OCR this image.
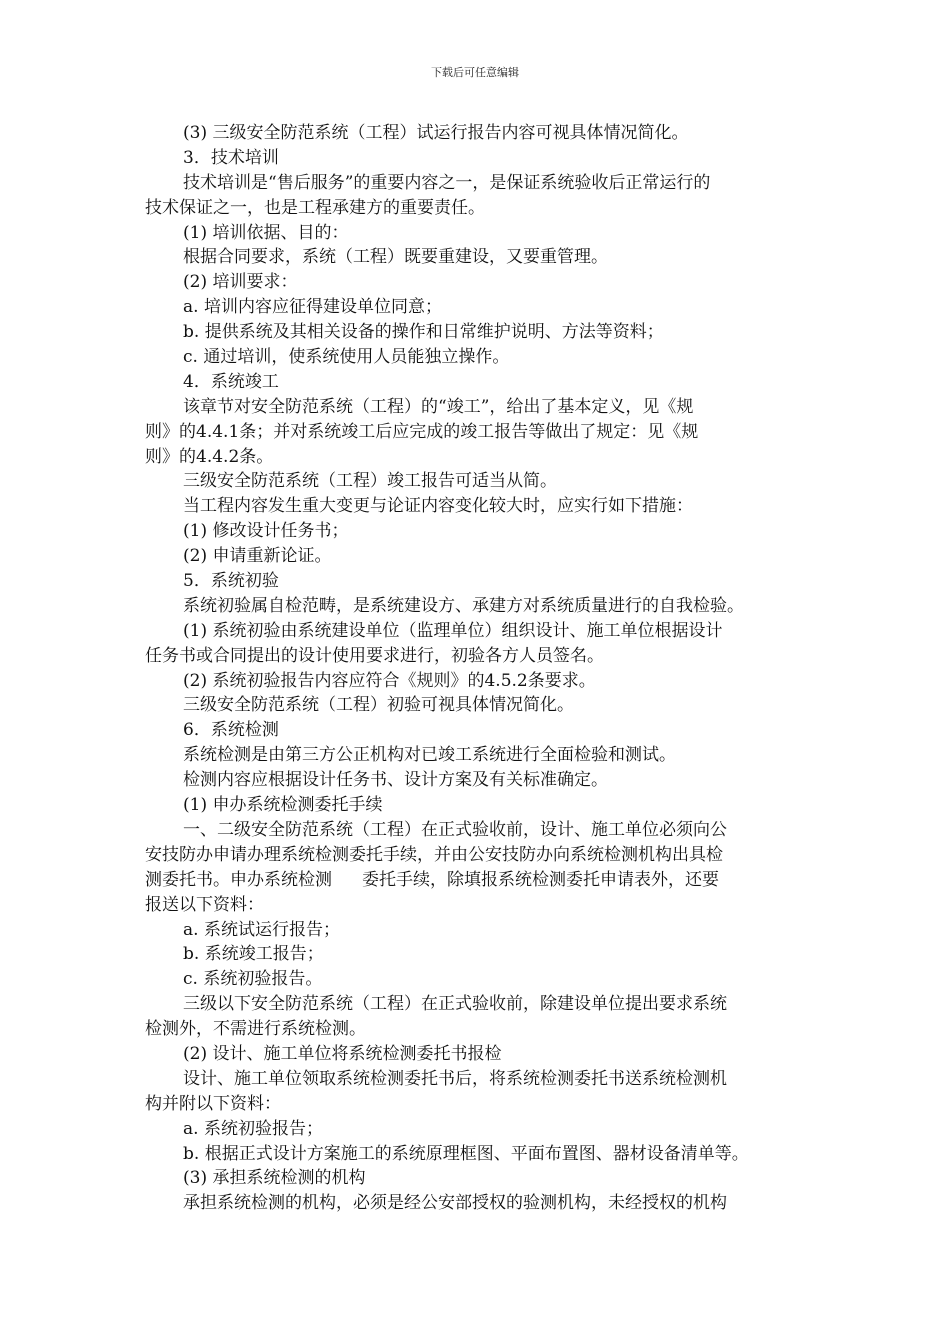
下载后可任意编辑
(3) 三级安全防范系统（工程）试运行报告内容可视具体情况简化。
3．技术培训
技术培训是“售后服务”的重要内容之一，是保证系统验收后正常运行的
技术保证之一，也是工程承建方的重要责任。
(1) 培训依据、目的：
根据合同要求，系统（工程）既要重建设，又要重管理。
(2) 培训要求：
a. 培训内容应征得建设单位同意；
b. 提供系统及其相关设备的操作和日常维护说明、方法等资料；
c. 通过培训，使系统使用人员能独立操作。
4．系统竣工
该章节对安全防范系统（工程）的“竣工”，给出了基本定义，见《规
则》的4.4.1条；并对系统竣工后应完成的竣工报告等做出了规定：见《规
则》的4.4.2条。
三级安全防范系统（工程）竣工报告可适当从简。
当工程内容发生重大变更与论证内容变化较大时，应实行如下措施：
(1) 修改设计任务书；
(2) 申请重新论证。
5．系统初验
系统初验属自检范畴，是系统建设方、承建方对系统质量进行的自我检验。
(1) 系统初验由系统建设单位（监理单位）组织设计、施工单位根据设计
任务书或合同提出的设计使用要求进行，初验各方人员签名。
(2) 系统初验报告内容应符合《规则》的4.5.2条要求。
三级安全防范系统（工程）初验可视具体情况简化。
6．系统检测
系统检测是由第三方公正机构对已竣工系统进行全面检验和测试。
检测内容应根据设计任务书、设计方案及有关标准确定。
(1) 申办系统检测委托手续
一、二级安全防范系统（工程）在正式验收前，设计、施工单位必须向公
安技防办申请办理系统检测委托手续，并由公安技防办向系统检测机构出具检
测委托书。申办系统检测 委托手续，除填报系统检测委托申请表外，还要
报送以下资料：
a. 系统试运行报告；
b. 系统竣工报告；
c. 系统初验报告。
三级以下安全防范系统（工程）在正式验收前，除建设单位提出要求系统
检测外，不需进行系统检测。
(2) 设计、施工单位将系统检测委托书报检
设计、施工单位领取系统检测委托书后，将系统检测委托书送系统检测机
构并附以下资料：
a. 系统初验报告；
b. 根据正式设计方案施工的系统原理框图、平面布置图、器材设备清单等。
(3) 承担系统检测的机构
承担系统检测的机构，必须是经公安部授权的验测机构，未经授权的机构
